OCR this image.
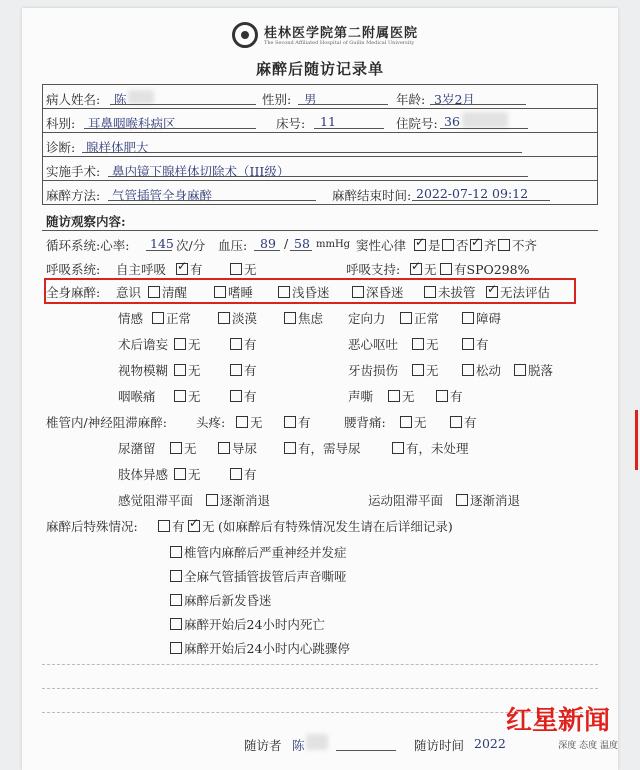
桂林医学院第二附属医院
The Second Affiliated Hospital of Guilin Medical University
麻醉后随访记录单
病人姓名: 陈	性别: 男	年龄: 3岁2月
科别: 耳鼻咽喉科病区	床号: 11	住院号: 36
诊断: 腺样体肥大
实施手术: 鼻内镜下腺样体切除术（III级）
麻醉方法: 气管插管全身麻醉	麻醉结束时间: 2022-07-12 09:12
随访观察内容:
循环系统:心率: 145 次/分 血压: 89 / 58 mmHg 窦性心律 ✓	是	否 ✓	齐	不齐
呼吸系统: 自主呼吸 ✓	有	无	呼吸支持: ✓	无	有SPO298%
全身麻醉: 意识	清醒	嗜睡	浅昏迷	深昏迷	未拔管 ✓	无法评估
情感	正常	淡漠	焦虑 定向力	正常	障碍
术后谵妄	无	有	恶心呕吐	无	有
视物模糊	无	有	牙齿损伤	无	松动	脱落
咽喉痛	无	有	声嘶	无	有
椎管内/神经阻滞麻醉: 头疼:	无	有	腰背痛:	无	有
尿潴留	无	导尿	有，需导尿	有，未处理
肢体异感	无	有
感觉阻滞平面	逐渐消退	运动阻滞平面	逐渐消退
麻醉后特殊情况:	有 ✓	无 (如麻醉后有特殊情况发生请在后详细记录)
椎管内麻醉后严重神经并发症
全麻气管插管拔管后声音嘶哑
麻醉后新发昏迷
麻醉开始后24小时内死亡
麻醉开始后24小时内心跳骤停
随访者 陈	随访时间 2022
红星新闻
深度 态度 温度
